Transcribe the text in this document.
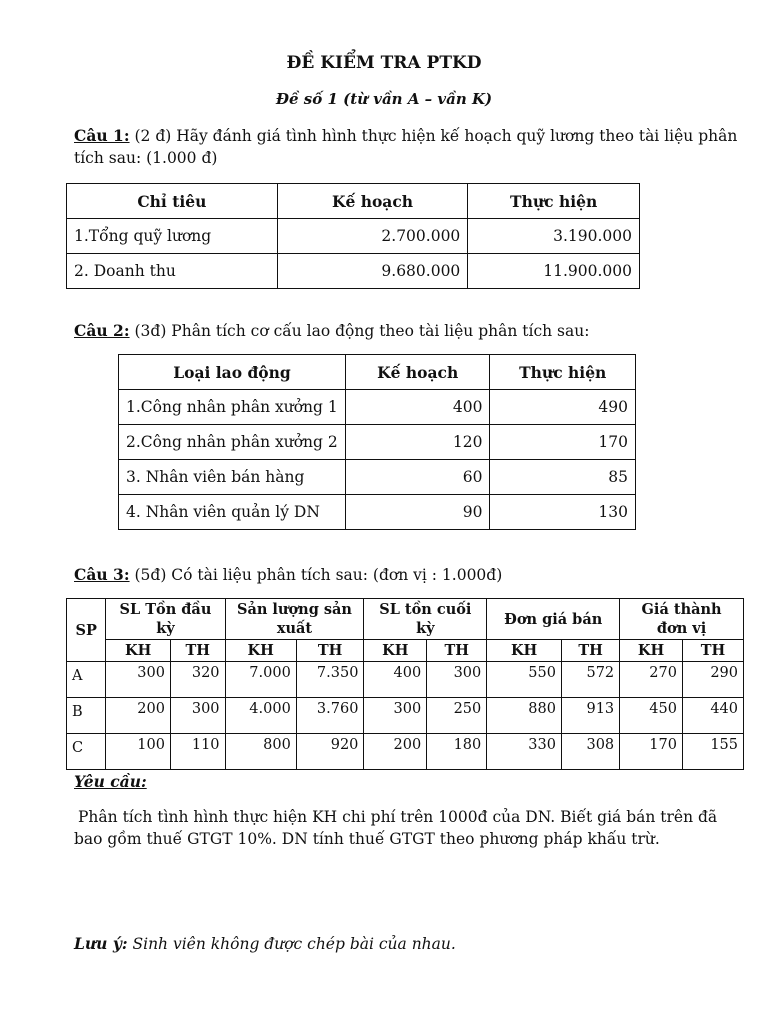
ĐỀ KIỂM TRA PTKD
Đề số 1 (từ vần A – vần K)
Câu 1: (2 đ) Hãy đánh giá tình hình thực hiện kế hoạch quỹ lương theo tài liệu phân tích sau: (1.000 đ)
Chỉ tiêu	Kế hoạch	Thực hiện
1.Tổng quỹ lương	2.700.000	3.190.000
2. Doanh thu	9.680.000	11.900.000
Câu 2: (3đ) Phân tích cơ cấu lao động theo tài liệu phân tích sau:
Loại lao động	Kế hoạch	Thực hiện
1.Công nhân phân xưởng 1	400	490
2.Công nhân phân xưởng 2	120	170
3. Nhân viên bán hàng	60	85
4. Nhân viên quản lý DN	90	130
Câu 3: (5đ) Có tài liệu phân tích sau: (đơn vị : 1.000đ)
SP	SL Tồn đầu kỳ		Sản lượng sản xuất		SL tồn cuối kỳ		Đơn giá bán		Giá thành đơn vị	
	KH	TH	KH	TH	KH	TH	KH	TH	KH	TH
A	300	320	7.000	7.350	400	300	550	572	270	290
B	200	300	4.000	3.760	300	250	880	913	450	440
C	100	110	800	920	200	180	330	308	170	155
Yêu cầu:
Phân tích tình hình thực hiện KH chi phí trên 1000đ của DN. Biết giá bán trên đã bao gồm thuế GTGT 10%. DN tính thuế GTGT theo phương pháp khấu trừ.
Lưu ý: Sinh viên không được chép bài của nhau.
